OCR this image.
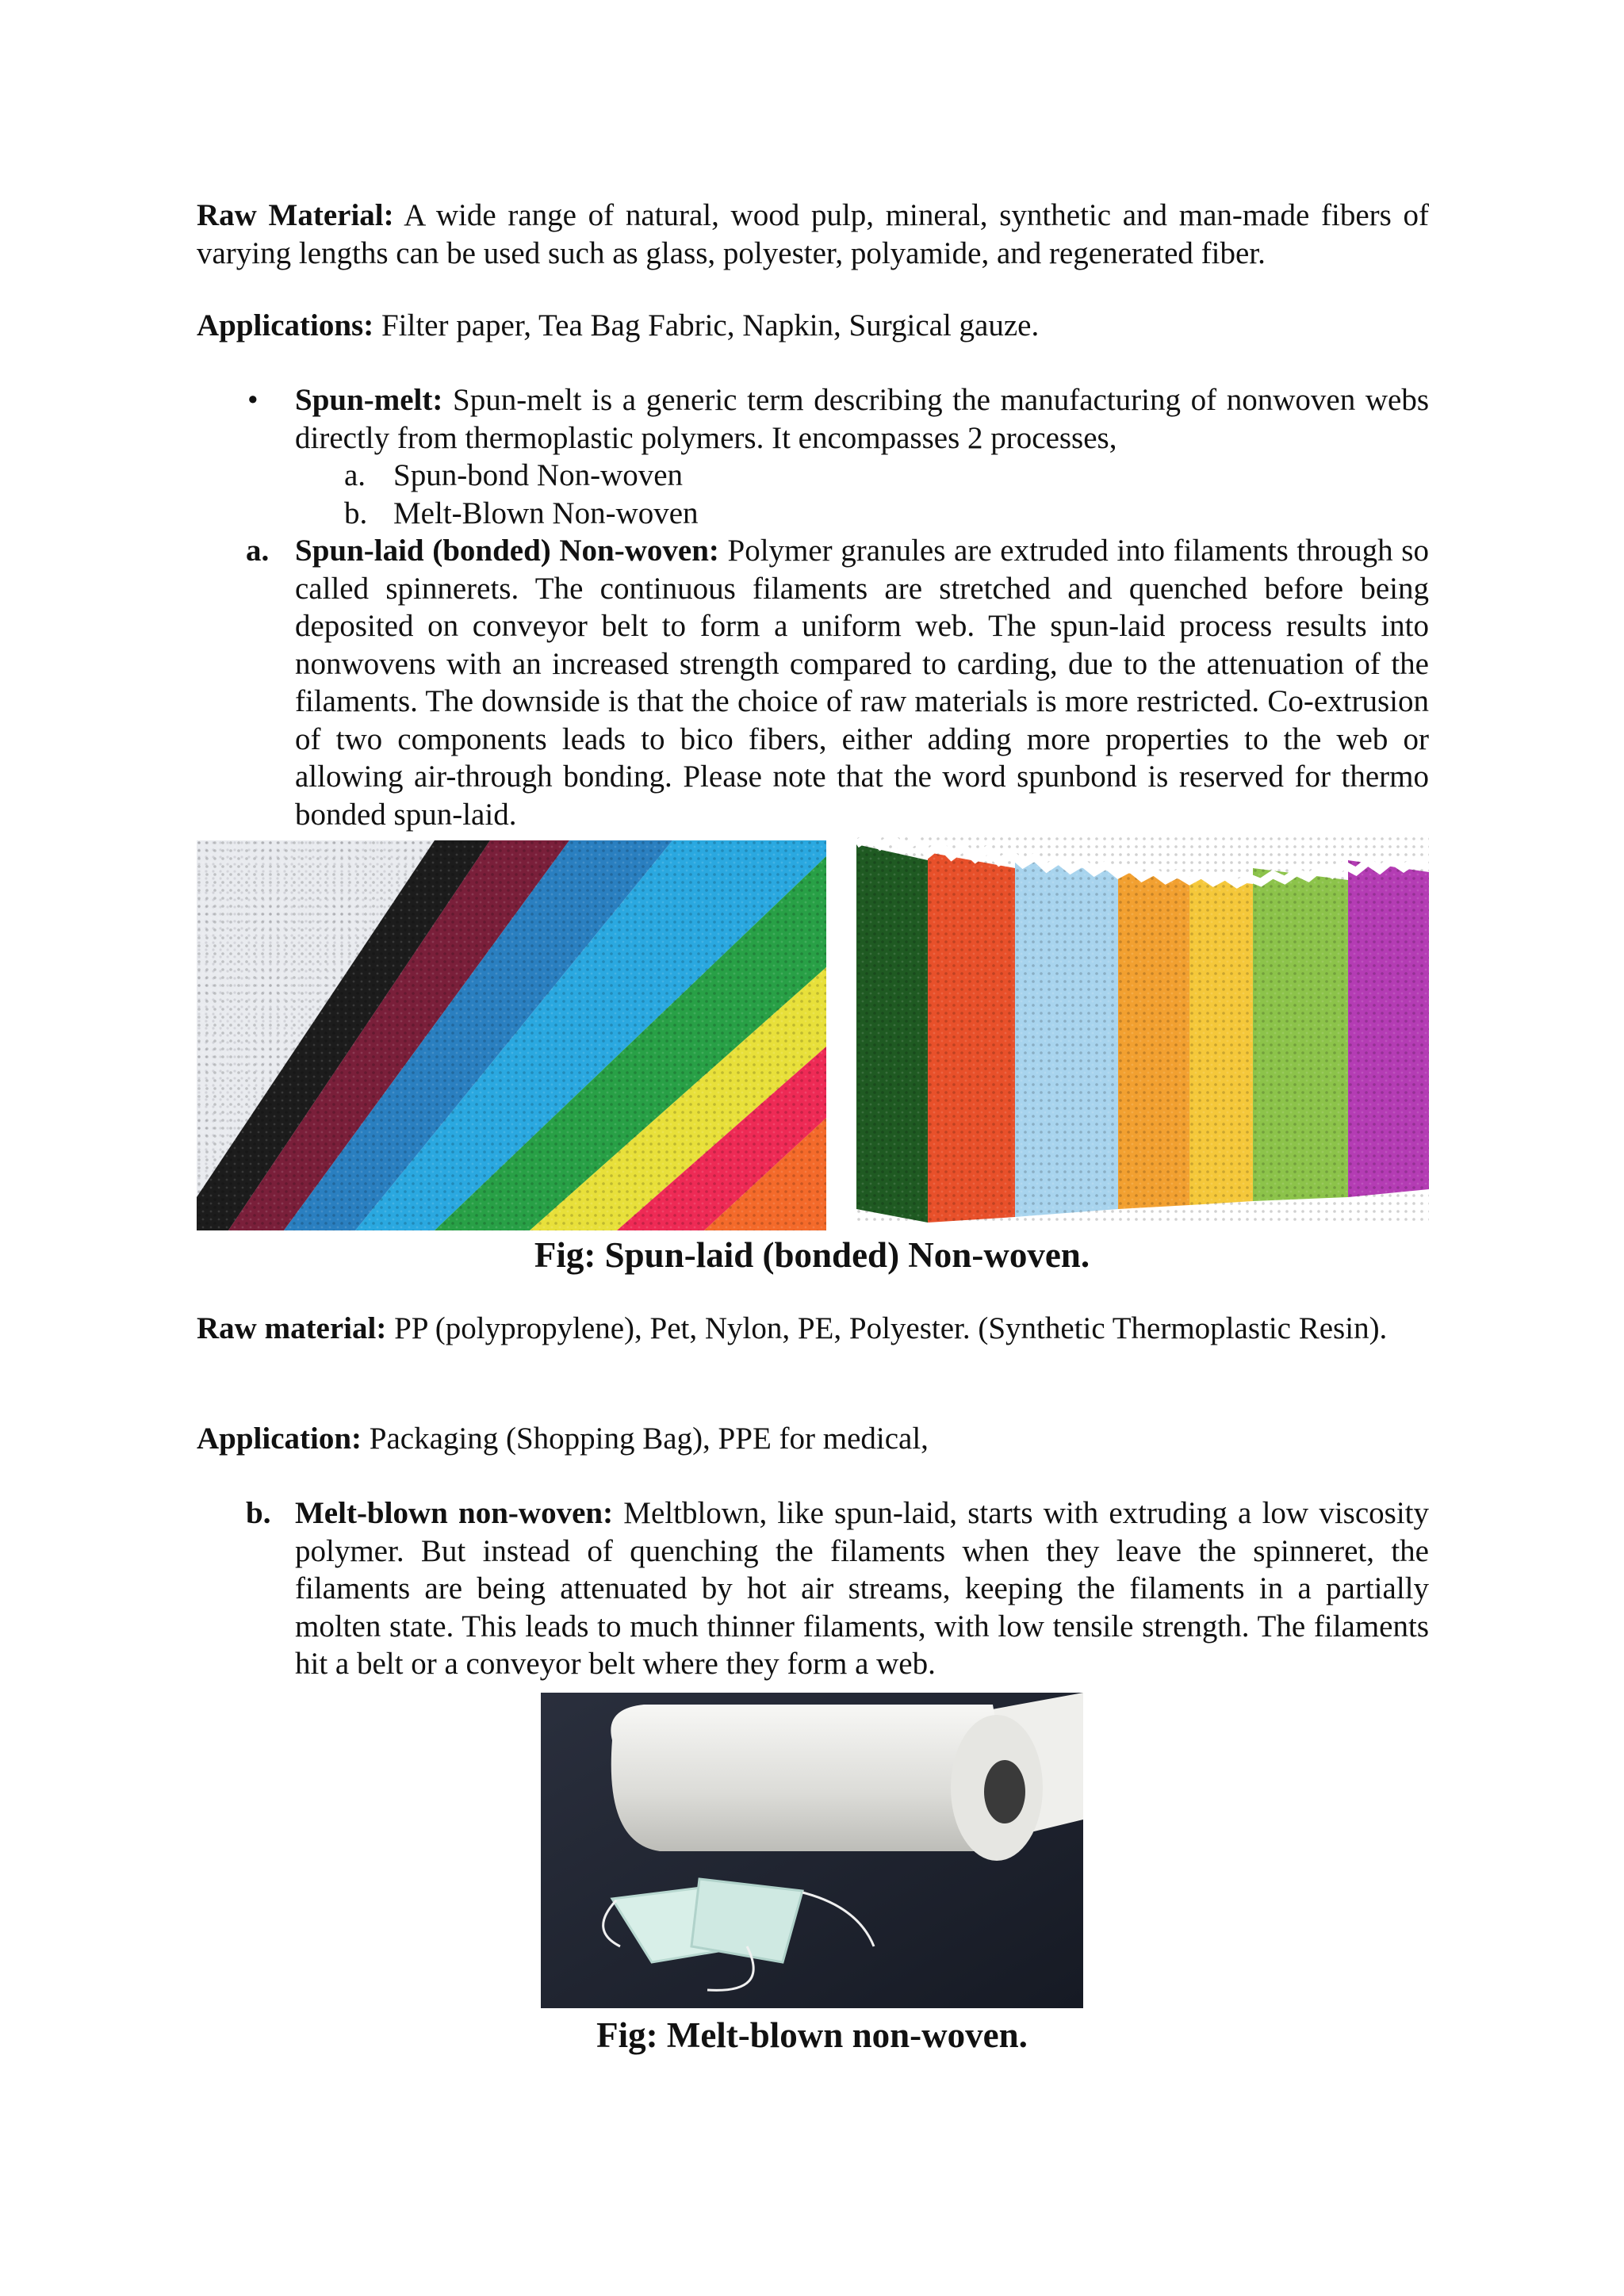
Raw Material: A wide range of natural, wood pulp, mineral, synthetic and man-made fibers of varying lengths can be used such as glass, polyester, polyamide, and regenerated fiber.
Applications: Filter paper, Tea Bag Fabric, Napkin, Surgical gauze.
• Spun-melt: Spun-melt is a generic term describing the manufacturing of nonwoven webs directly from thermoplastic polymers. It encompasses 2 processes,
a. Spun-bond Non-woven
b. Melt-Blown Non-woven
a. Spun-laid (bonded) Non-woven: Polymer granules are extruded into filaments through so called spinnerets. The continuous filaments are stretched and quenched before being deposited on conveyor belt to form a uniform web. The spun-laid process results into nonwovens with an increased strength compared to carding, due to the attenuation of the filaments. The downside is that the choice of raw materials is more restricted. Co-extrusion of two components leads to bico fibers, either adding more properties to the web or allowing air-through bonding. Please note that the word spunbond is reserved for thermo bonded spun-laid.
Fig: Spun-laid (bonded) Non-woven.
Raw material: PP (polypropylene), Pet, Nylon, PE, Polyester. (Synthetic Thermoplastic Resin).
Application: Packaging (Shopping Bag), PPE for medical,
b. Melt-blown non-woven: Meltblown, like spun-laid, starts with extruding a low viscosity polymer. But instead of quenching the filaments when they leave the spinneret, the filaments are being attenuated by hot air streams, keeping the filaments in a partially molten state. This leads to much thinner filaments, with low tensile strength. The filaments hit a belt or a conveyor belt where they form a web.
Fig: Melt-blown non-woven.
